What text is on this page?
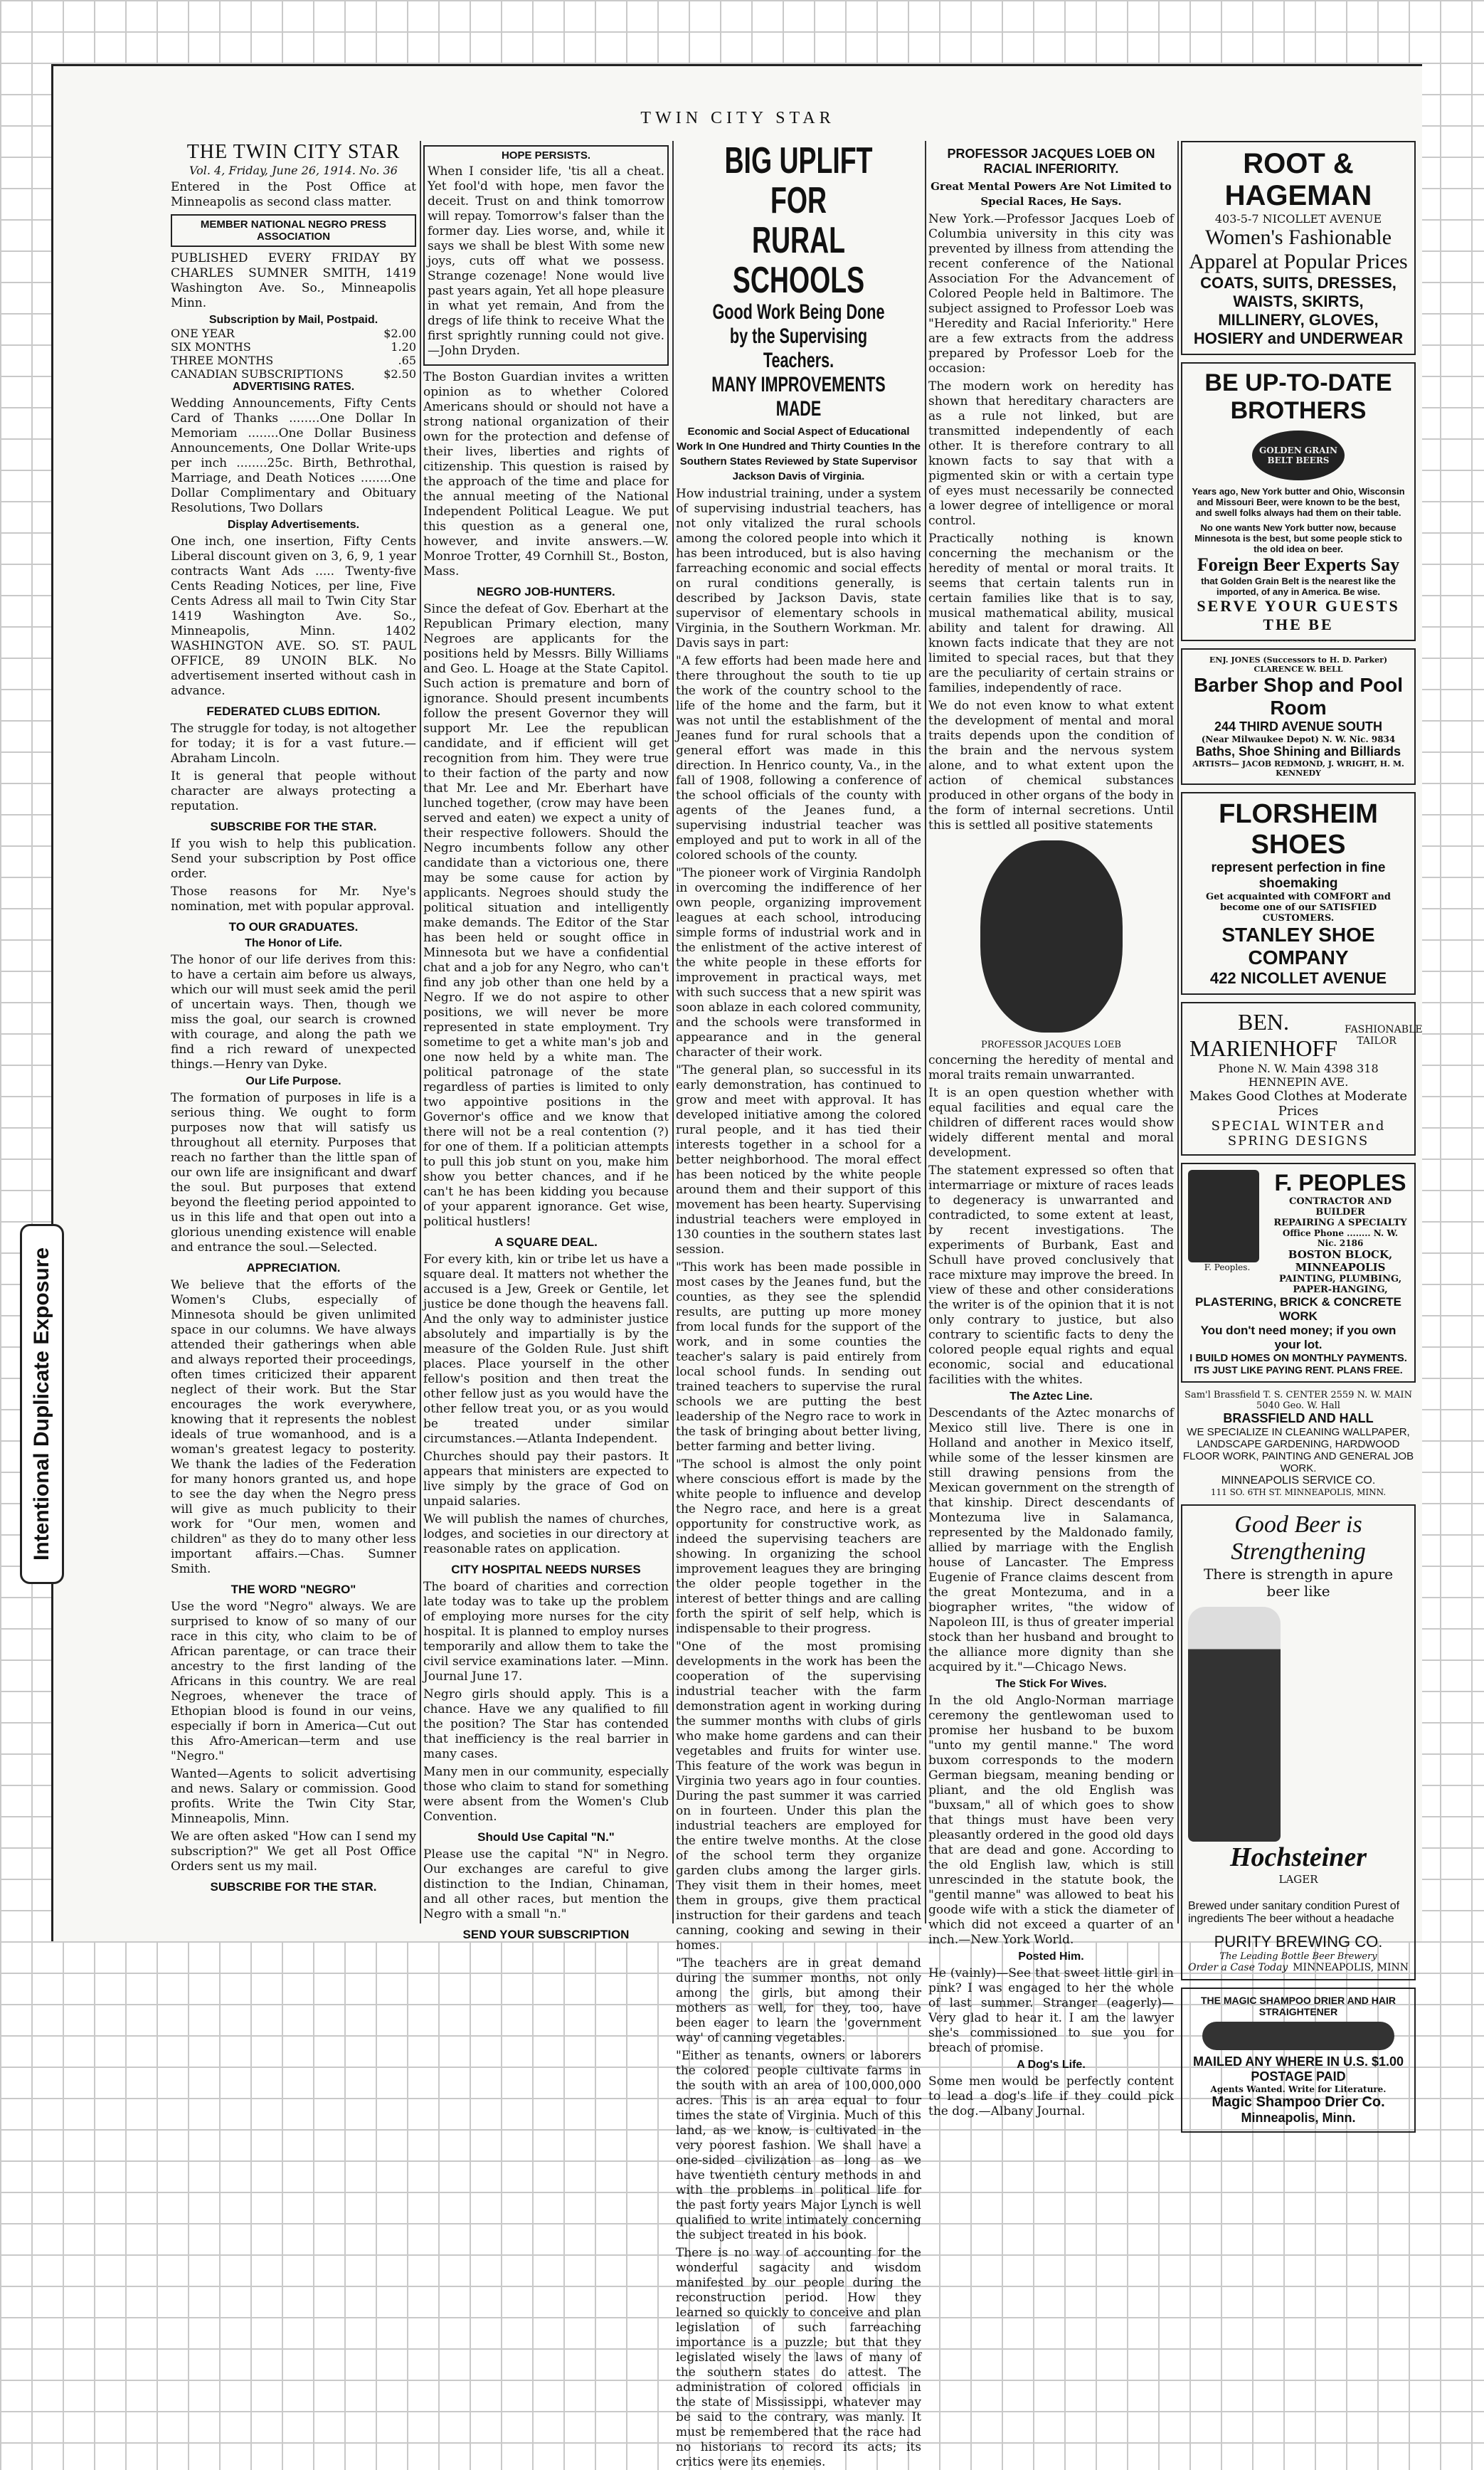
TWIN CITY STAR
THE TWIN CITY STAR
Vol. 4, Friday, June 26, 1914. No. 36

Entered in the Post Office at Minneapolis as second class matter.

MEMBER NATIONAL NEGRO PRESS ASSOCIATION

PUBLISHED EVERY FRIDAY BY CHARLES SUMNER SMITH, 1419 Washington Ave. So., Minneapolis Minn.

Subscription by Mail, Postpaid.
ONE YEAR	$2.00
SIX MONTHS	1.20
THREE MONTHS	.65
CANADIAN SUBSCRIPTIONS	$2.50
ADVERTISING RATES.

Wedding Announcements, Fifty Cents Card of Thanks ........One Dollar In Memoriam ........One Dollar Business Announcements, One Dollar Write-ups per inch ........25c. Birth, Bethrothal, Marriage, and Death Notices ........One Dollar Complimentary and Obituary Resolutions, Two Dollars

Display Advertisements.

One inch, one insertion, Fifty Cents Liberal discount given on 3, 6, 9, 1 year contracts Want Ads ..... Twenty-five Cents Reading Notices, per line, Five Cents Adress all mail to Twin City Star 1419 Washington Ave. So., Minneapolis, Minn. 1402 WASHINGTON AVE. SO. ST. PAUL OFFICE, 89 UNOIN BLK. No advertisement inserted without cash in advance.

FEDERATED CLUBS EDITION.

The struggle for today, is not altogether for today; it is for a vast future.—Abraham Lincoln.

It is general that people without character are always protecting a reputation.

SUBSCRIBE FOR THE STAR.

If you wish to help this publication. Send your subscription by Post office order.

Those reasons for Mr. Nye's nomination, met with popular approval.

TO OUR GRADUATES.
The Honor of Life.

The honor of our life derives from this: to have a certain aim before us always, which our will must seek amid the peril of uncertain ways. Then, though we miss the goal, our search is crowned with courage, and along the path we find a rich reward of unexpected things.—Henry van Dyke.

Our Life Purpose.

The formation of purposes in life is a serious thing. We ought to form purposes now that will satisfy us throughout all eternity. Purposes that reach no farther than the little span of our own life are insignificant and dwarf the soul. But purposes that extend beyond the fleeting period appointed to us in this life and that open out into a glorious unending existence will enable and entrance the soul.—Selected.

APPRECIATION.

We believe that the efforts of the Women's Clubs, especially of Minnesota should be given unlimited space in our columns. We have always attended their gatherings when able and always reported their proceedings, often times criticized their apparent neglect of their work. But the Star encourages the work everywhere, knowing that it represents the noblest ideals of true womanhood, and is a woman's greatest legacy to posterity. We thank the ladies of the Federation for many honors granted us, and hope to see the day when the Negro press will give as much publicity to their work for "Our men, women and children" as they do to many other less important affairs.—Chas. Sumner Smith.

THE WORD "NEGRO"

Use the word "Negro" always. We are surprised to know of so many of our race in this city, who claim to be of African parentage, or can trace their ancestry to the first landing of the Africans in this country. We are real Negroes, whenever the trace of Ethopian blood is found in our veins, especially if born in America—Cut out this Afro-American—term and use "Negro."

Wanted—Agents to solicit advertising and news. Salary or commission. Good profits. Write the Twin City Star, Minneapolis, Minn.

We are often asked "How can I send my subscription?" We get all Post Office Orders sent us my mail.

SUBSCRIBE FOR THE STAR.
HOPE PERSISTS.

When I consider life, 'tis all a cheat. Yet fool'd with hope, men favor the deceit. Trust on and think tomorrow will repay. Tomorrow's falser than the former day. Lies worse, and, while it says we shall be blest With some new joys, cuts off what we possess. Strange cozenage! None would live past years again, Yet all hope pleasure in what yet remain, And from the dregs of life think to receive What the first sprightly running could not give. —John Dryden.

The Boston Guardian invites a written opinion as to whether Colored Americans should or should not have a strong national organization of their own for the protection and defense of their lives, liberties and rights of citizenship. This question is raised by the approach of the time and place for the annual meeting of the National Independent Political League. We put this question as a general one, however, and invite answers.—W. Monroe Trotter, 49 Cornhill St., Boston, Mass.

NEGRO JOB-HUNTERS.

Since the defeat of Gov. Eberhart at the Republican Primary election, many Negroes are applicants for the positions held by Messrs. Billy Williams and Geo. L. Hoage at the State Capitol. Such action is premature and born of ignorance. Should present incumbents follow the present Governor they will support Mr. Lee the republican candidate, and if efficient will get recognition from him. They were true to their faction of the party and now that Mr. Lee and Mr. Eberhart have lunched together, (crow may have been served and eaten) we expect a unity of their respective followers. Should the Negro incumbents follow any other candidate than a victorious one, there may be some cause for action by applicants. Negroes should study the political situation and intelligently make demands. The Editor of the Star has been held or sought office in Minnesota but we have a confidential chat and a job for any Negro, who can't find any job other than one held by a Negro. If we do not aspire to other positions, we will never be more represented in state employment. Try sometime to get a white man's job and one now held by a white man. The political patronage of the state regardless of parties is limited to only two appointive positions in the Governor's office and we know that there will not be a real contention (?) for one of them. If a politician attempts to pull this job stunt on you, make him show you better chances, and if he can't he has been kidding you because of your apparent ignorance. Get wise, political hustlers!

A SQUARE DEAL.

For every kith, kin or tribe let us have a square deal. It matters not whether the accused is a Jew, Greek or Gentile, let justice be done though the heavens fall. And the only way to administer justice absolutely and impartially is by the measure of the Golden Rule. Just shift places. Place yourself in the other fellow's position and then treat the other fellow just as you would have the other fellow treat you, or as you would be treated under similar circumstances.—Atlanta Independent.

Churches should pay their pastors. It appears that ministers are expected to live simply by the grace of God on unpaid salaries.

We will publish the names of churches, lodges, and societies in our directory at reasonable rates on application.

CITY HOSPITAL NEEDS NURSES

The board of charities and correction late today was to take up the problem of employing more nurses for the city hospital. It is planned to employ nurses temporarily and allow them to take the civil service examinations later. —Minn. Journal June 17.

Negro girls should apply. This is a chance. Have we any qualified to fill the position? The Star has contended that inefficiency is the real barrier in many cases.

Many men in our community, especially those who claim to stand for something were absent from the Women's Club Convention.

Should Use Capital "N."

Please use the capital "N" in Negro. Our exchanges are careful to give distinction to the Indian, Chinaman, and all other races, but mention the Negro with a small "n."

SEND YOUR SUBSCRIPTION
BIG UPLIFT FOR
RURAL SCHOOLS
Good Work Being Done by the Supervising Teachers.
MANY IMPROVEMENTS MADE

Economic and Social Aspect of Educational Work In One Hundred and Thirty Counties In the Southern States Reviewed by State Supervisor Jackson Davis of Virginia.

How industrial training, under a system of supervising industrial teachers, has not only vitalized the rural schools among the colored people into which it has been introduced, but is also having farreaching economic and social effects on rural conditions generally, is described by Jackson Davis, state supervisor of elementary schools in Virginia, in the Southern Workman. Mr. Davis says in part:

"A few efforts had been made here and there throughout the south to tie up the work of the country school to the life of the home and the farm, but it was not until the establishment of the Jeanes fund for rural schools that a general effort was made in this direction. In Henrico county, Va., in the fall of 1908, following a conference of the school officials of the county with agents of the Jeanes fund, a supervising industrial teacher was employed and put to work in all of the colored schools of the county.

"The pioneer work of Virginia Randolph in overcoming the indifference of her own people, organizing improvement leagues at each school, introducing simple forms of industrial work and in the enlistment of the active interest of the white people in these efforts for improvement in practical ways, met with such success that a new spirit was soon ablaze in each colored community, and the schools were transformed in appearance and in the general character of their work.

"The general plan, so successful in its early demonstration, has continued to grow and meet with approval. It has developed initiative among the colored rural people, and it has tied their interests together in a school for a better neighborhood. The moral effect has been noticed by the white people around them and their support of this movement has been hearty. Supervising industrial teachers were employed in 130 counties in the southern states last session.

"This work has been made possible in most cases by the Jeanes fund, but the counties, as they see the splendid results, are putting up more money from local funds for the support of the work, and in some counties the teacher's salary is paid entirely from local school funds. In sending out trained teachers to supervise the rural schools we are putting the best leadership of the Negro race to work in the task of bringing about better living, better farming and better living.

"The school is almost the only point where conscious effort is made by the white people to influence and develop the Negro race, and here is a great opportunity for constructive work, as indeed the supervising teachers are showing. In organizing the school improvement leagues they are bringing the older people together in the interest of better things and are calling forth the spirit of self help, which is indispensable to their progress.

"One of the most promising developments in the work has been the cooperation of the supervising industrial teacher with the farm demonstration agent in working during the summer months with clubs of girls who make home gardens and can their vegetables and fruits for winter use. This feature of the work was begun in Virginia two years ago in four counties. During the past summer it was carried on in fourteen. Under this plan the industrial teachers are employed for the entire twelve months. At the close of the school term they organize garden clubs among the larger girls. They visit them in their homes, meet them in groups, give them practical instruction for their gardens and teach canning, cooking and sewing in their homes.

"The teachers are in great demand during the summer months, not only among the girls, but among their mothers as well, for they, too, have been eager to learn the 'government way' of canning vegetables.

"Either as tenants, owners or laborers the colored people cultivate farms in the south with an area of 100,000,000 acres. This is an area equal to four times the state of Virginia. Much of this land, as we know, is cultivated in the very poorest fashion. We shall have a one-sided civilization as long as we have twentieth century methods in and with the problems in political life for the past forty years Major Lynch is well qualified to write intimately concerning the subject treated in his book.

There is no way of accounting for the wonderful sagacity and wisdom manifested by our people during the reconstruction period. How they learned so quickly to conceive and plan legislation of such farreaching importance is a puzzle; but that they legislated wisely the laws of many of the southern states do attest. The administration of colored officials in the state of Mississippi, whatever may be said to the contrary, was manly. It must be remembered that the race had no historians to record its acts; its critics were its enemies.

PROFESSOR JACQUES LOEB ON RACIAL INFERIORITY.

Great Mental Powers Are Not Limited to Special Races, He Says.

New York.—Professor Jacques Loeb of Columbia university in this city was prevented by illness from attending the recent conference of the National Association For the Advancement of Colored People held in Baltimore. The subject assigned to Professor Loeb was "Heredity and Racial Inferiority." Here are a few extracts from the address prepared by Professor Loeb for the occasion:

The modern work on heredity has shown that hereditary characters are as a rule not linked, but are transmitted independently of each other. It is therefore contrary to all known facts to say that with a pigmented skin or with a certain type of eyes must necessarily be connected a lower degree of intelligence or moral control.

Practically nothing is known concerning the mechanism or the heredity of mental or moral traits. It seems that certain talents run in certain families like that is to say, musical mathematical ability, musical ability and talent for drawing. All known facts indicate that they are not limited to special races, but that they are the peculiarity of certain strains or families, independently of race.

We do not even know to what extent the development of mental and moral traits depends upon the condition of the brain and the nervous system alone, and to what extent upon the action of chemical substances produced in other organs of the body in the form of internal secretions. Until this is settled all positive statements

PROFESSOR JACQUES LOEB

concerning the heredity of mental and moral traits remain unwarranted.

It is an open question whether with equal facilities and equal care the children of different races would show widely different mental and moral development.

The statement expressed so often that intermarriage or mixture of races leads to degeneracy is unwarranted and contradicted, to some extent at least, by recent investigations. The experiments of Burbank, East and Schull have proved conclusively that race mixture may improve the breed. In view of these and other considerations the writer is of the opinion that it is not only contrary to justice, but also contrary to scientific facts to deny the colored people equal rights and equal economic, social and educational facilities with the whites.

The Aztec Line.

Descendants of the Aztec monarchs of Mexico still live. There is one in Holland and another in Mexico itself, while some of the lesser kinsmen are still drawing pensions from the Mexican government on the strength of that kinship. Direct descendants of Montezuma live in Salamanca, represented by the Maldonado family, allied by marriage with the English house of Lancaster. The Empress Eugenie of France claims descent from the great Montezuma, and in a biographer writes, "the widow of Napoleon III, is thus of greater imperial stock than her husband and brought to the alliance more dignity than she acquired by it."—Chicago News.

The Stick For Wives.

In the old Anglo-Norman marriage ceremony the gentlewoman used to promise her husband to be buxom "unto my gentil manne." The word buxom corresponds to the modern German biegsam, meaning bending or pliant, and the old English was "buxsam," all of which goes to show that things must have been very pleasantly ordered in the good old days that are dead and gone. According to the old English law, which is still unrescinded in the statute book, the "gentil manne" was allowed to beat his goode wife with a stick the diameter of which did not exceed a quarter of an inch.—New York World.

Posted Him.

He (vainly)—See that sweet little girl in pink? I was engaged to her the whole of last summer. Stranger (eagerly)—Very glad to hear it. I am the lawyer she's commissioned to sue you for breach of promise.

A Dog's Life.

Some men would be perfectly content to lead a dog's life if they could pick the dog.—Albany Journal.

ROOT & HAGEMAN
403-5-7 NICOLLET AVENUE
Women's Fashionable Apparel at Popular Prices
COATS, SUITS, DRESSES, WAISTS, SKIRTS, MILLINERY, GLOVES, HOSIERY and UNDERWEAR
BE UP-TO-DATE
BROTHERS
GOLDEN GRAIN BELT BEERS
Years ago, New York butter and Ohio, Wisconsin and Missouri Beer, were known to be the best, and swell folks always had them on their table.
No one wants New York butter now, because Minnesota is the best, but some people stick to the old idea on beer.
Foreign Beer Experts Say
that Golden Grain Belt is the nearest like the imported, of any in America. Be wise.
SERVE YOUR GUESTS THE BE
ENJ. JONES (Successors to H. D. Parker) CLARENCE W. BELL
Barber Shop and Pool Room
244 THIRD AVENUE SOUTH
(Near Milwaukee Depot) N. W. Nic. 9834
Baths, Shoe Shining and Billiards
ARTISTS— JACOB REDMOND, J. WRIGHT, H. M. KENNEDY
FLORSHEIM SHOES
represent perfection in fine shoemaking
Get acquainted with COMFORT and become one of our SATISFIED CUSTOMERS.
STANLEY SHOE COMPANY
422 NICOLLET AVENUE
BEN. MARIENHOFF
FASHIONABLE TAILOR
Phone N. W. Main 4398 318 HENNEPIN AVE.
Makes Good Clothes at Moderate Prices
SPECIAL WINTER and SPRING DESIGNS
F. Peoples.
F. PEOPLES
CONTRACTOR AND BUILDER
REPAIRING A SPECIALTY
Office Phone ........ N. W. Nic. 2186
BOSTON BLOCK, MINNEAPOLIS
PAINTING, PLUMBING, PAPER-HANGING,
PLASTERING, BRICK & CONCRETE WORK
You don't need money; if you own your lot.
I BUILD HOMES ON MONTHLY PAYMENTS.
ITS JUST LIKE PAYING RENT. PLANS FREE.
Sam'l Brassfield T. S. CENTER 2559 N. W. MAIN 5040 Geo. W. Hall
BRASSFIELD AND HALL
WE SPECIALIZE IN CLEANING WALLPAPER, LANDSCAPE GARDENING, HARDWOOD FLOOR WORK, PAINTING AND GENERAL JOB WORK.
MINNEAPOLIS SERVICE CO.
111 SO. 6TH ST. MINNEAPOLIS, MINN.
Good Beer is Strengthening
There is strength in apure beer like
Hochsteiner
LAGER
Brewed under sanitary condition Purest of ingredients The beer without a headache
PURITY BREWING CO.
The Leading Bottle Beer Brewery
Order a Case Today MINNEAPOLIS, MINN
THE MAGIC SHAMPOO DRIER AND HAIR STRAIGHTENER
MAILED ANY WHERE IN U.S. $1.00 POSTAGE PAID
Agents Wanted. Write for Literature.
Magic Shampoo Drier Co.
Minneapolis, Minn.
Intentional Duplicate Exposure
